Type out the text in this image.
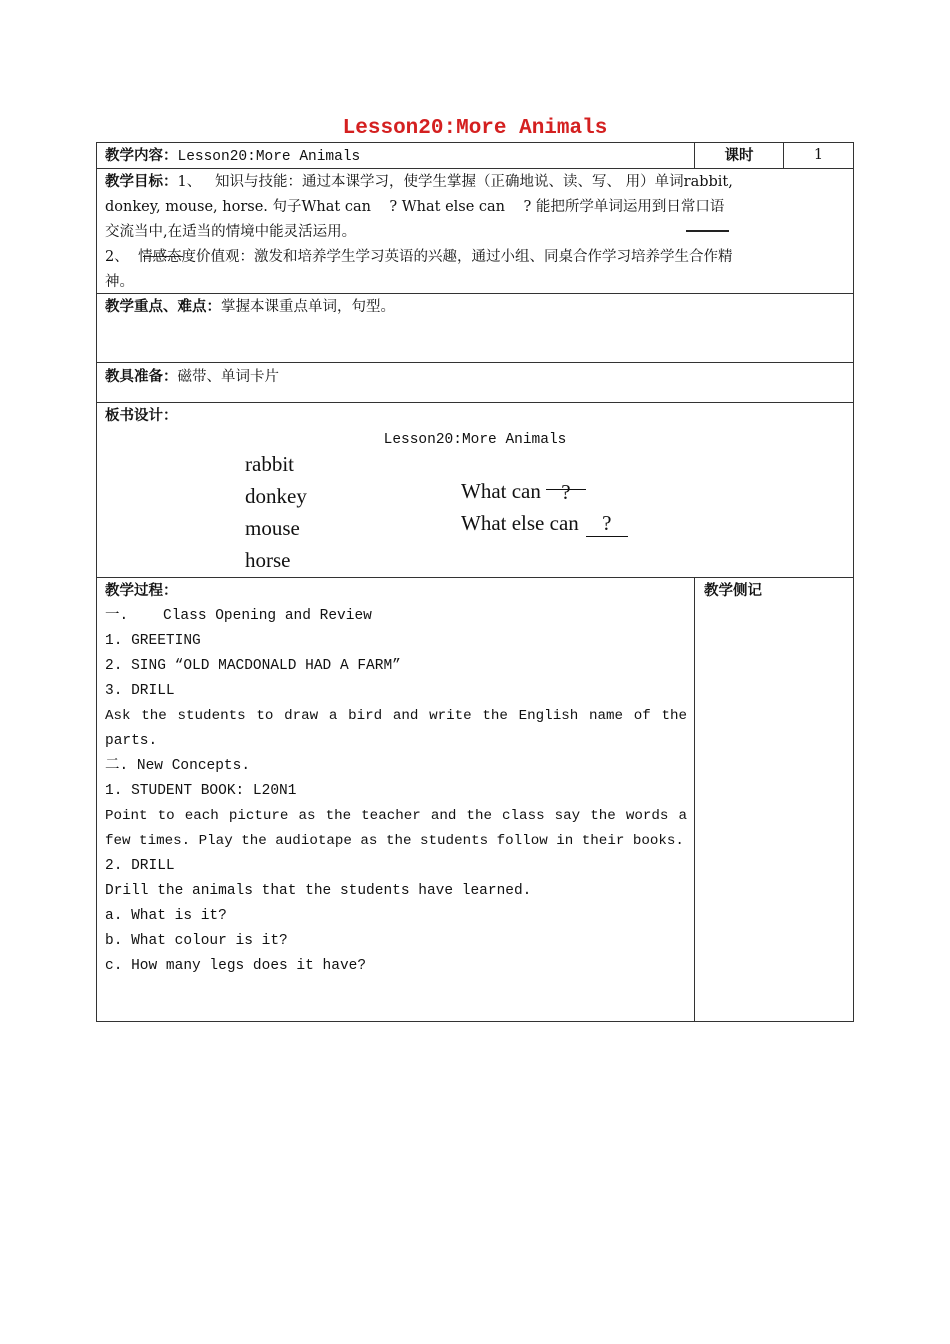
Lesson20:More Animals
教学内容：Lesson20:More Animals	课时	1
教学目标：1、   知识与技能：通过本课学习，使学生掌握（正确地说、读、写、 用）单词rabbit,
donkey, mouse, horse. 句子What can    ? What else can    ? 能把所学单词运用到日常口语
交流当中,在适当的情境中能灵活运用。
2、  情感态度价值观：激发和培养学生学习英语的兴趣，通过小组、同桌合作学习培养学生合作精
神。
教学重点、难点：掌握本课重点单词，句型。
教具准备：磁带、单词卡片
板书设计：
Lesson20:More Animals
rabbit
donkey
mouse
horse
What can ?
What else can ?
教学过程：
一.    Class Opening and Review
1. GREETING
2. SING “OLD MACDONALD HAD A FARM”
3. DRILL
Ask the students to draw a bird and write the English name of the
parts.
二. New Concepts.
1. STUDENT BOOK: L20N1
Point to each picture as the teacher and the class say the words a
few times. Play the audiotape as the students follow in their books.
2. DRILL
Drill the animals that the students have learned.
a. What is it?
b. What colour is it?
c. How many legs does it have?
教学侧记
